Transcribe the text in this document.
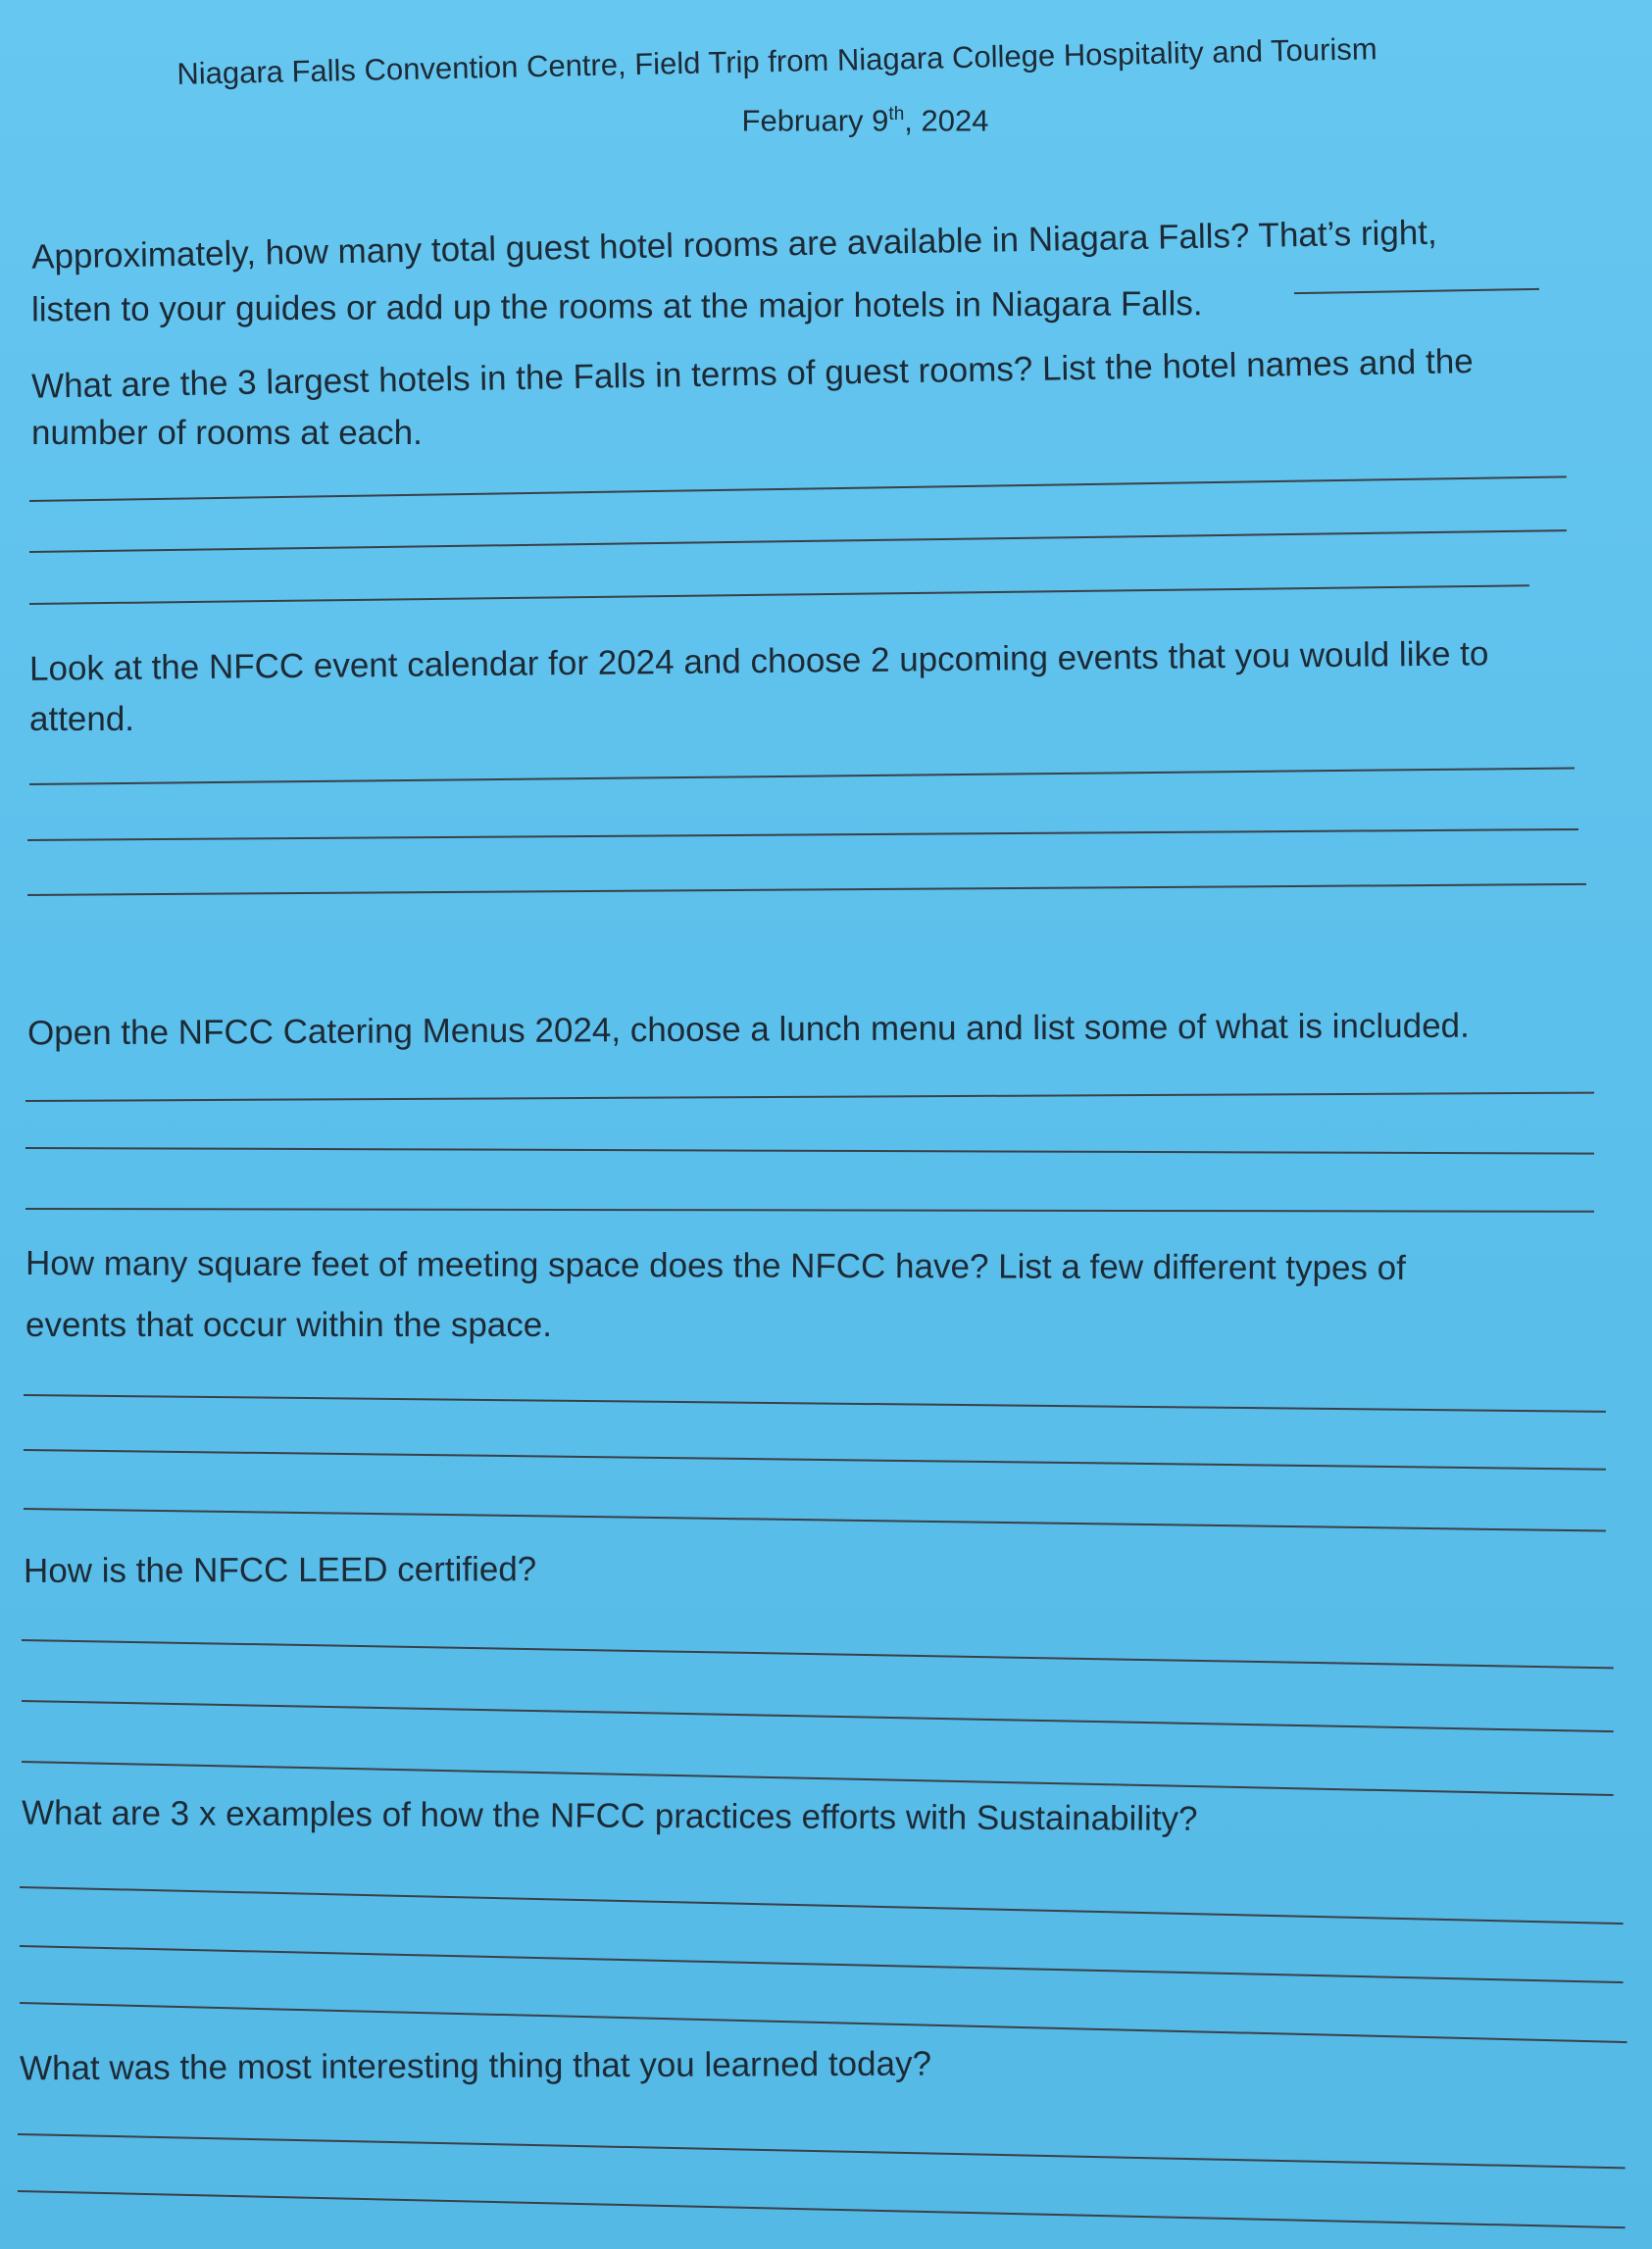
Niagara Falls Convention Centre, Field Trip from Niagara College Hospitality and Tourism
February 9th, 2024
Approximately, how many total guest hotel rooms are available in Niagara Falls? That’s right,
listen to your guides or add up the rooms at the major hotels in Niagara Falls.
What are the 3 largest hotels in the Falls in terms of guest rooms? List the hotel names and the
number of rooms at each.
Look at the NFCC event calendar for 2024 and choose 2 upcoming events that you would like to
attend.
Open the NFCC Catering Menus 2024, choose a lunch menu and list some of what is included.
How many square feet of meeting space does the NFCC have? List a few different types of
events that occur within the space.
How is the NFCC LEED certified?
What are 3 x examples of how the NFCC practices efforts with Sustainability?
What was the most interesting thing that you learned today?
